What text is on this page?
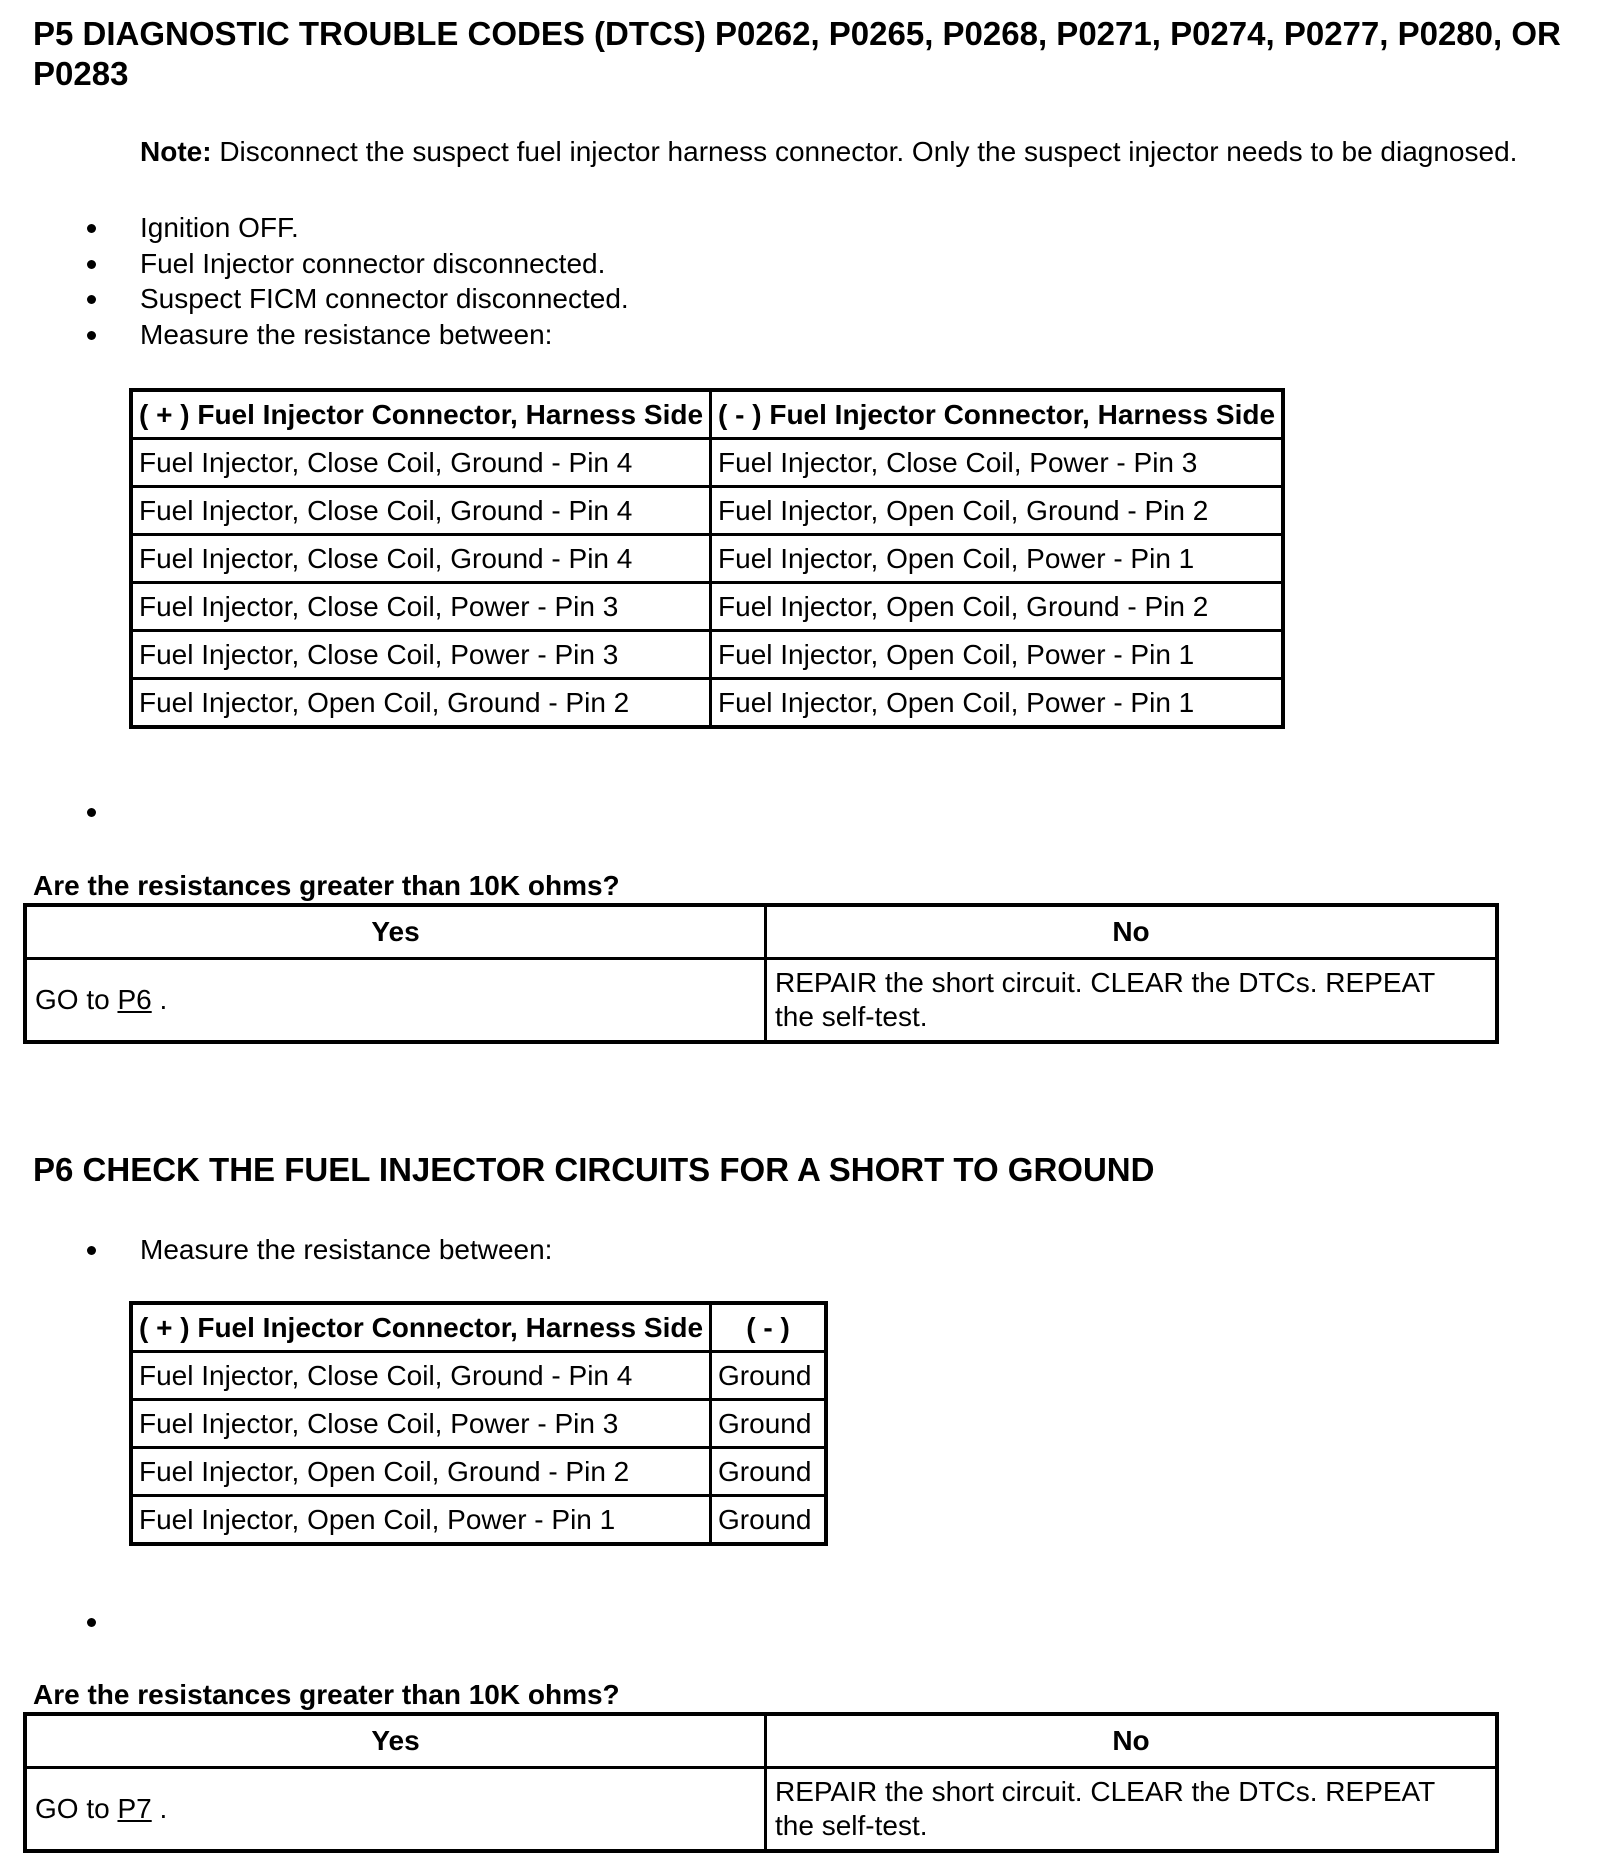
P5 DIAGNOSTIC TROUBLE CODES (DTCS) P0262, P0265, P0268, P0271, P0274, P0277, P0280, OR P0283
Note: Disconnect the suspect fuel injector harness connector. Only the suspect injector needs to be diagnosed.
Ignition OFF.
Fuel Injector connector disconnected.
Suspect FICM connector disconnected.
Measure the resistance between:
( + ) Fuel Injector Connector, Harness Side	( - ) Fuel Injector Connector, Harness Side
Fuel Injector, Close Coil, Ground - Pin 4	Fuel Injector, Close Coil, Power - Pin 3
Fuel Injector, Close Coil, Ground - Pin 4	Fuel Injector, Open Coil, Ground - Pin 2
Fuel Injector, Close Coil, Ground - Pin 4	Fuel Injector, Open Coil, Power - Pin 1
Fuel Injector, Close Coil, Power - Pin 3	Fuel Injector, Open Coil, Ground - Pin 2
Fuel Injector, Close Coil, Power - Pin 3	Fuel Injector, Open Coil, Power - Pin 1
Fuel Injector, Open Coil, Ground - Pin 2	Fuel Injector, Open Coil, Power - Pin 1
Are the resistances greater than 10K ohms?
Yes	No
GO to P6 .	REPAIR the short circuit. CLEAR the DTCs. REPEAT
the self-test.
P6 CHECK THE FUEL INJECTOR CIRCUITS FOR A SHORT TO GROUND
Measure the resistance between:
( + ) Fuel Injector Connector, Harness Side	( - )
Fuel Injector, Close Coil, Ground - Pin 4	Ground
Fuel Injector, Close Coil, Power - Pin 3	Ground
Fuel Injector, Open Coil, Ground - Pin 2	Ground
Fuel Injector, Open Coil, Power - Pin 1	Ground
Are the resistances greater than 10K ohms?
Yes	No
GO to P7 .	REPAIR the short circuit. CLEAR the DTCs. REPEAT
the self-test.
